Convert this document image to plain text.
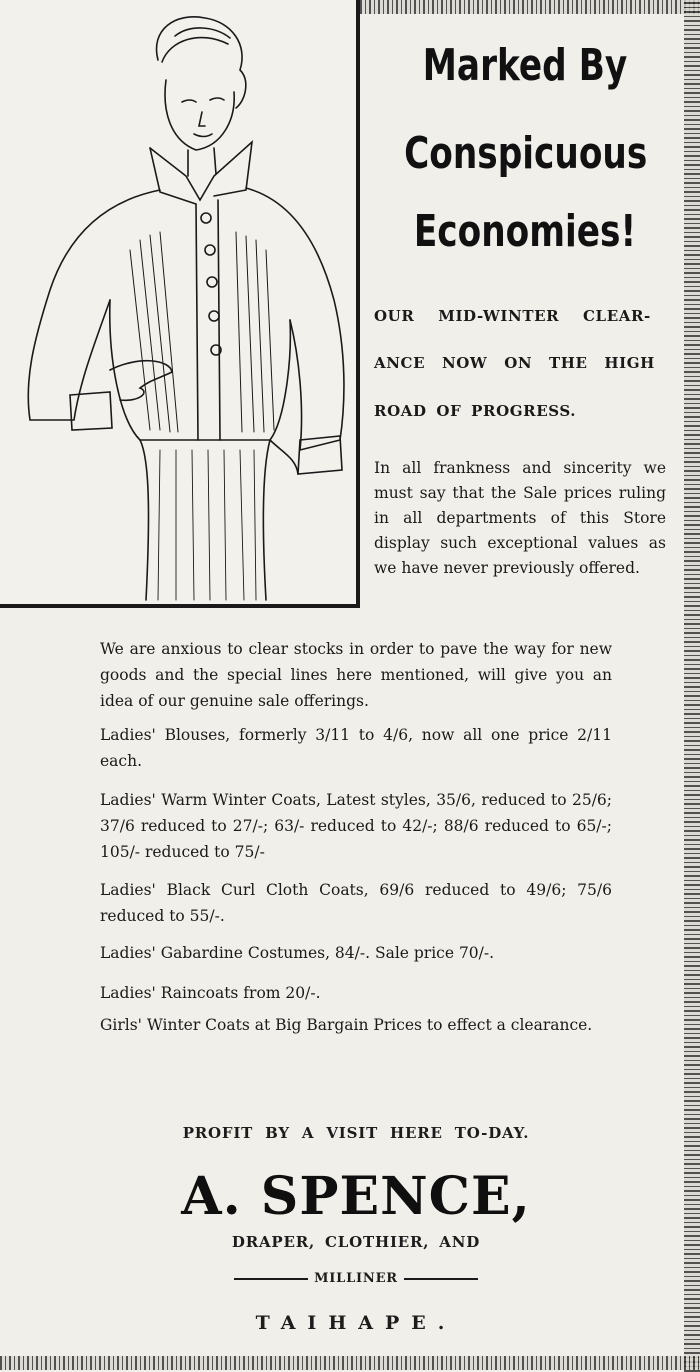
Marked By
Conspicuous
Economies!
OUR MID-WINTER CLEAR-
ANCE NOW ON THE HIGH
ROAD OF PROGRESS.
In all frankness and sincerity we must say that the Sale prices ruling in all departments of this Store display such exceptional values as we have never previously offered.
We are anxious to clear stocks in order to pave the way for new goods and the special lines here mentioned, will give you an idea of our genuine sale offerings.
Ladies' Blouses, formerly 3/11 to 4/6, now all one price 2/11 each.
Ladies' Warm Winter Coats, Latest styles, 35/6, reduced to 25/6; 37/6 reduced to 27/-; 63/- reduced to 42/-; 88/6 reduced to 65/-; 105/- reduced to 75/-
Ladies' Black Curl Cloth Coats, 69/6 reduced to 49/6; 75/6 reduced to 55/-.
Ladies' Gabardine Costumes, 84/-. Sale price 70/-.
Ladies' Raincoats from 20/-.
Girls' Winter Coats at Big Bargain Prices to effect a clearance.
PROFIT BY A VISIT HERE TO-DAY.
A. SPENCE,
DRAPER, CLOTHIER, AND
MILLINER
TAIHAPE.
